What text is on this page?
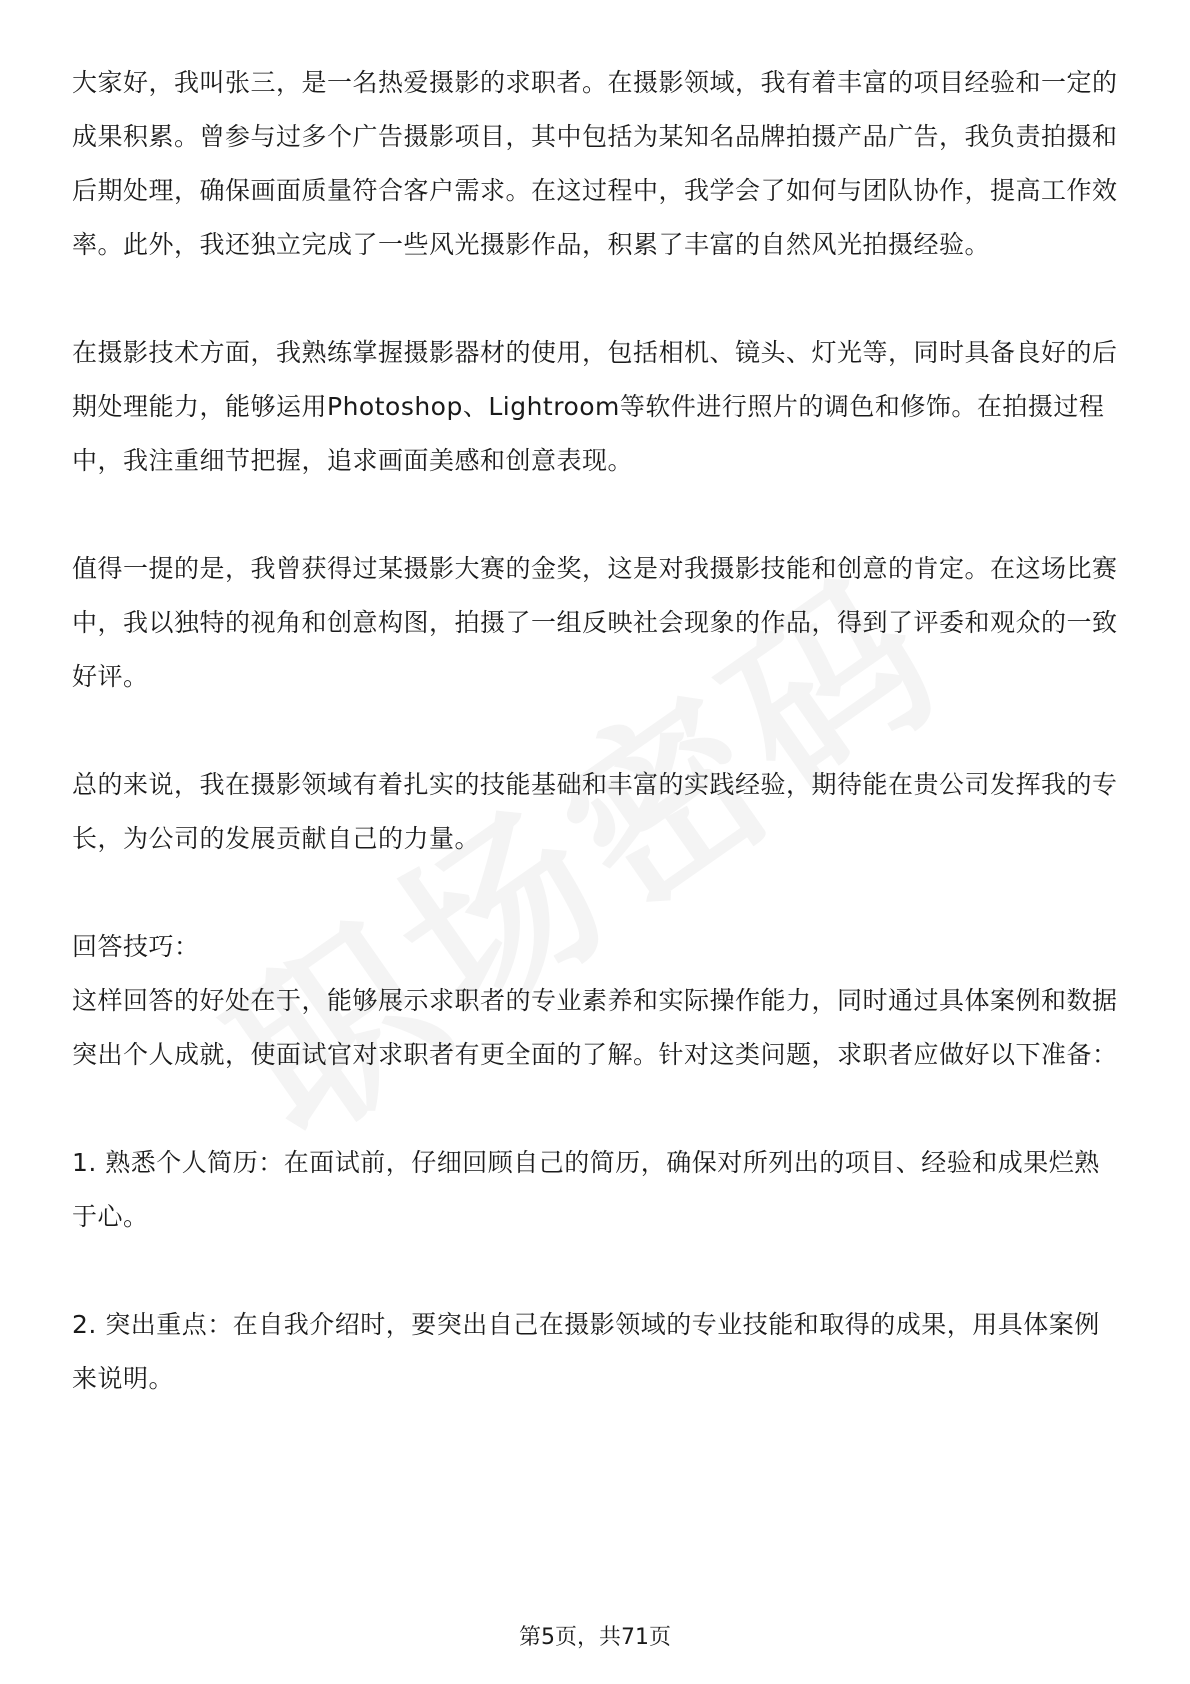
大家好，我叫张三，是一名热爱摄影的求职者。在摄影领域，我有着丰富的项目经验和一定的成果积累。曾参与过多个广告摄影项目，其中包括为某知名品牌拍摄产品广告，我负责拍摄和后期处理，确保画面质量符合客户需求。在这过程中，我学会了如何与团队协作，提高工作效率。此外，我还独立完成了一些风光摄影作品，积累了丰富的自然风光拍摄经验。

在摄影技术方面，我熟练掌握摄影器材的使用，包括相机、镜头、灯光等，同时具备良好的后期处理能力，能够运用Photoshop、Lightroom等软件进行照片的调色和修饰。在拍摄过程中，我注重细节把握，追求画面美感和创意表现。

值得一提的是，我曾获得过某摄影大赛的金奖，这是对我摄影技能和创意的肯定。在这场比赛中，我以独特的视角和创意构图，拍摄了一组反映社会现象的作品，得到了评委和观众的一致好评。

总的来说，我在摄影领域有着扎实的技能基础和丰富的实践经验，期待能在贵公司发挥我的专长，为公司的发展贡献自己的力量。

回答技巧：

这样回答的好处在于，能够展示求职者的专业素养和实际操作能力，同时通过具体案例和数据突出个人成就，使面试官对求职者有更全面的了解。针对这类问题，求职者应做好以下准备：

1. 熟悉个人简历：在面试前，仔细回顾自己的简历，确保对所列出的项目、经验和成果烂熟于心。

2. 突出重点：在自我介绍时，要突出自己在摄影领域的专业技能和取得的成果，用具体案例来说明。

第5页，共71页
